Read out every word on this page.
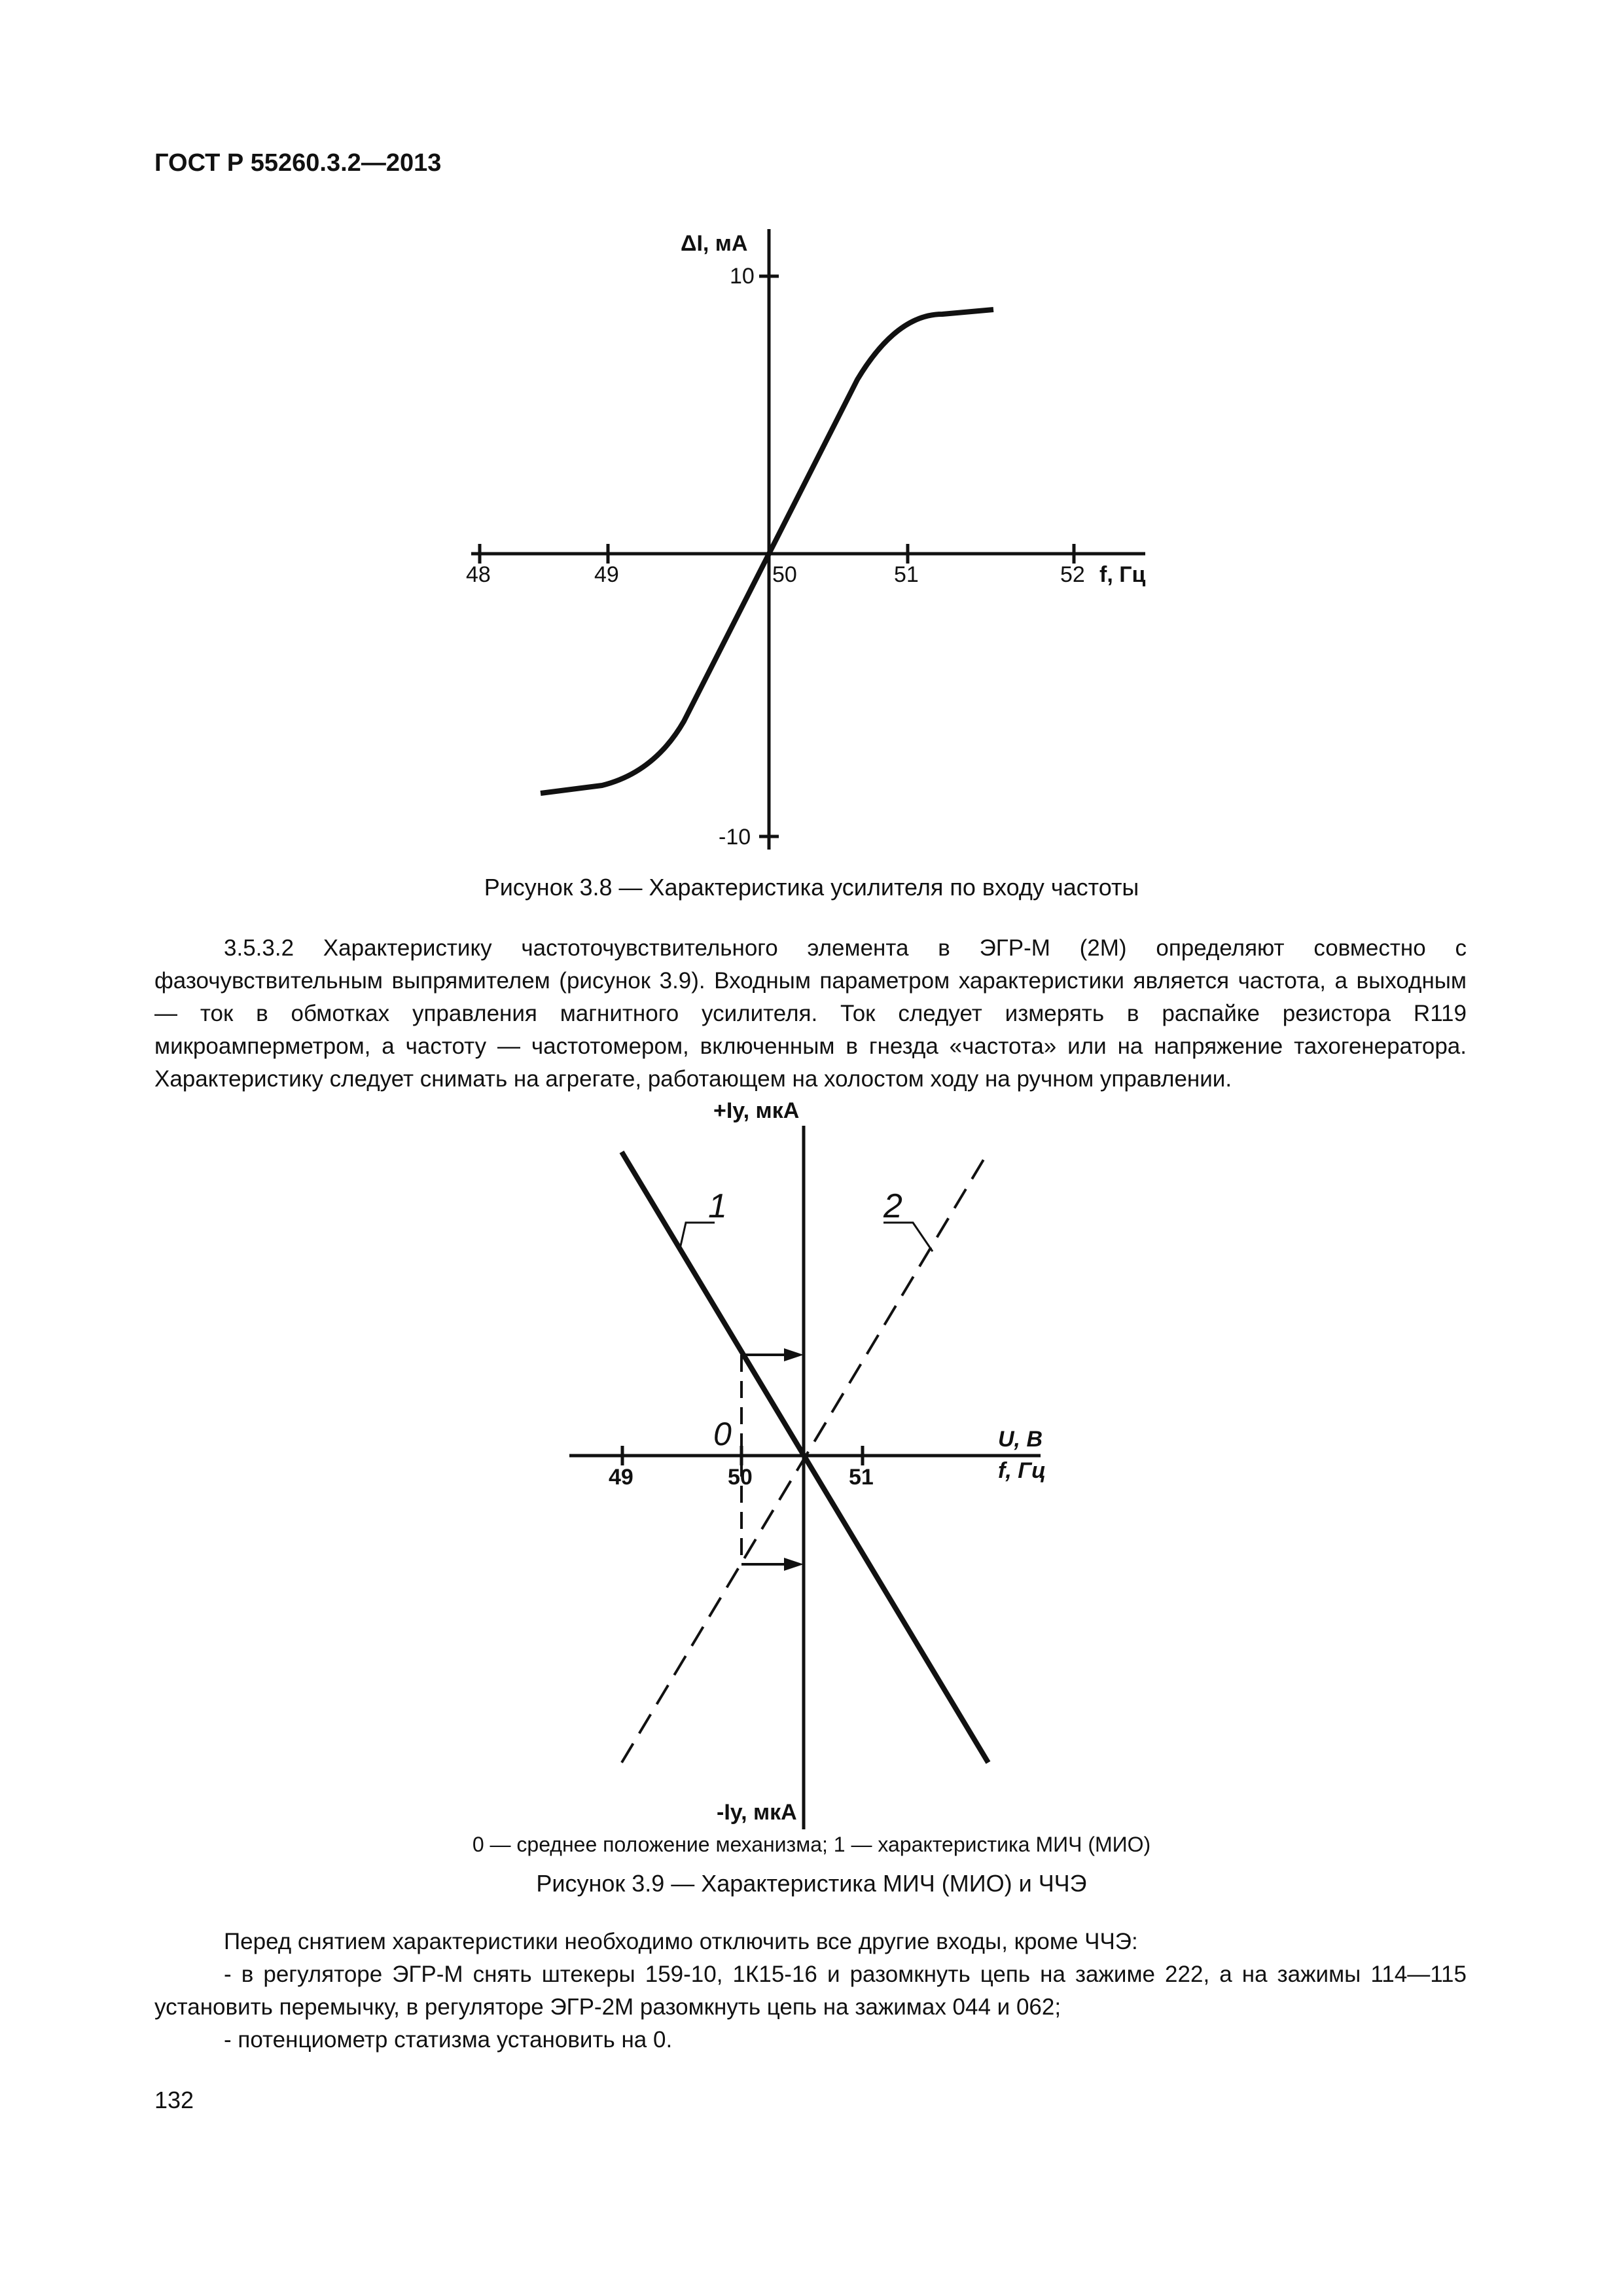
ГОСТ Р 55260.3.2—2013
ΔI, мА
10
-10
48	49	50	51	52 f, Гц
Рисунок 3.8 — Характеристика усилителя по входу частоты

3.5.3.2 Характеристику частоточувствительного элемента в ЭГР-М (2М) определяют совместно с фазочувствительным выпрямителем (рисунок 3.9). Входным параметром характеристики является частота, а выходным — ток в обмотках управления магнитного усилителя. Ток следует измерять в распайке резистора R119 микроамперметром, а частоту — частотомером, включенным в гнезда «частота» или на напряжение тахогенератора. Характеристику следует снимать на агрегате, работающем на холостом ходу на ручном управлении.

+Iу, мкА
-Iу, мкА
U, В
f, Гц
49	50	51
1	2
0
0 — среднее положение механизма; 1 — характеристика МИЧ (МИО)
Рисунок 3.9 — Характеристика МИЧ (МИО) и ЧЧЭ

Перед снятием характеристики необходимо отключить все другие входы, кроме ЧЧЭ:

- в регуляторе ЭГР-М снять штекеры 159-10, 1К15-16 и разомкнуть цепь на зажиме 222, а на зажимы 114—115 установить перемычку, в регуляторе ЭГР-2М разомкнуть цепь на зажимах 044 и 062;

- потенциометр статизма установить на 0.

132
